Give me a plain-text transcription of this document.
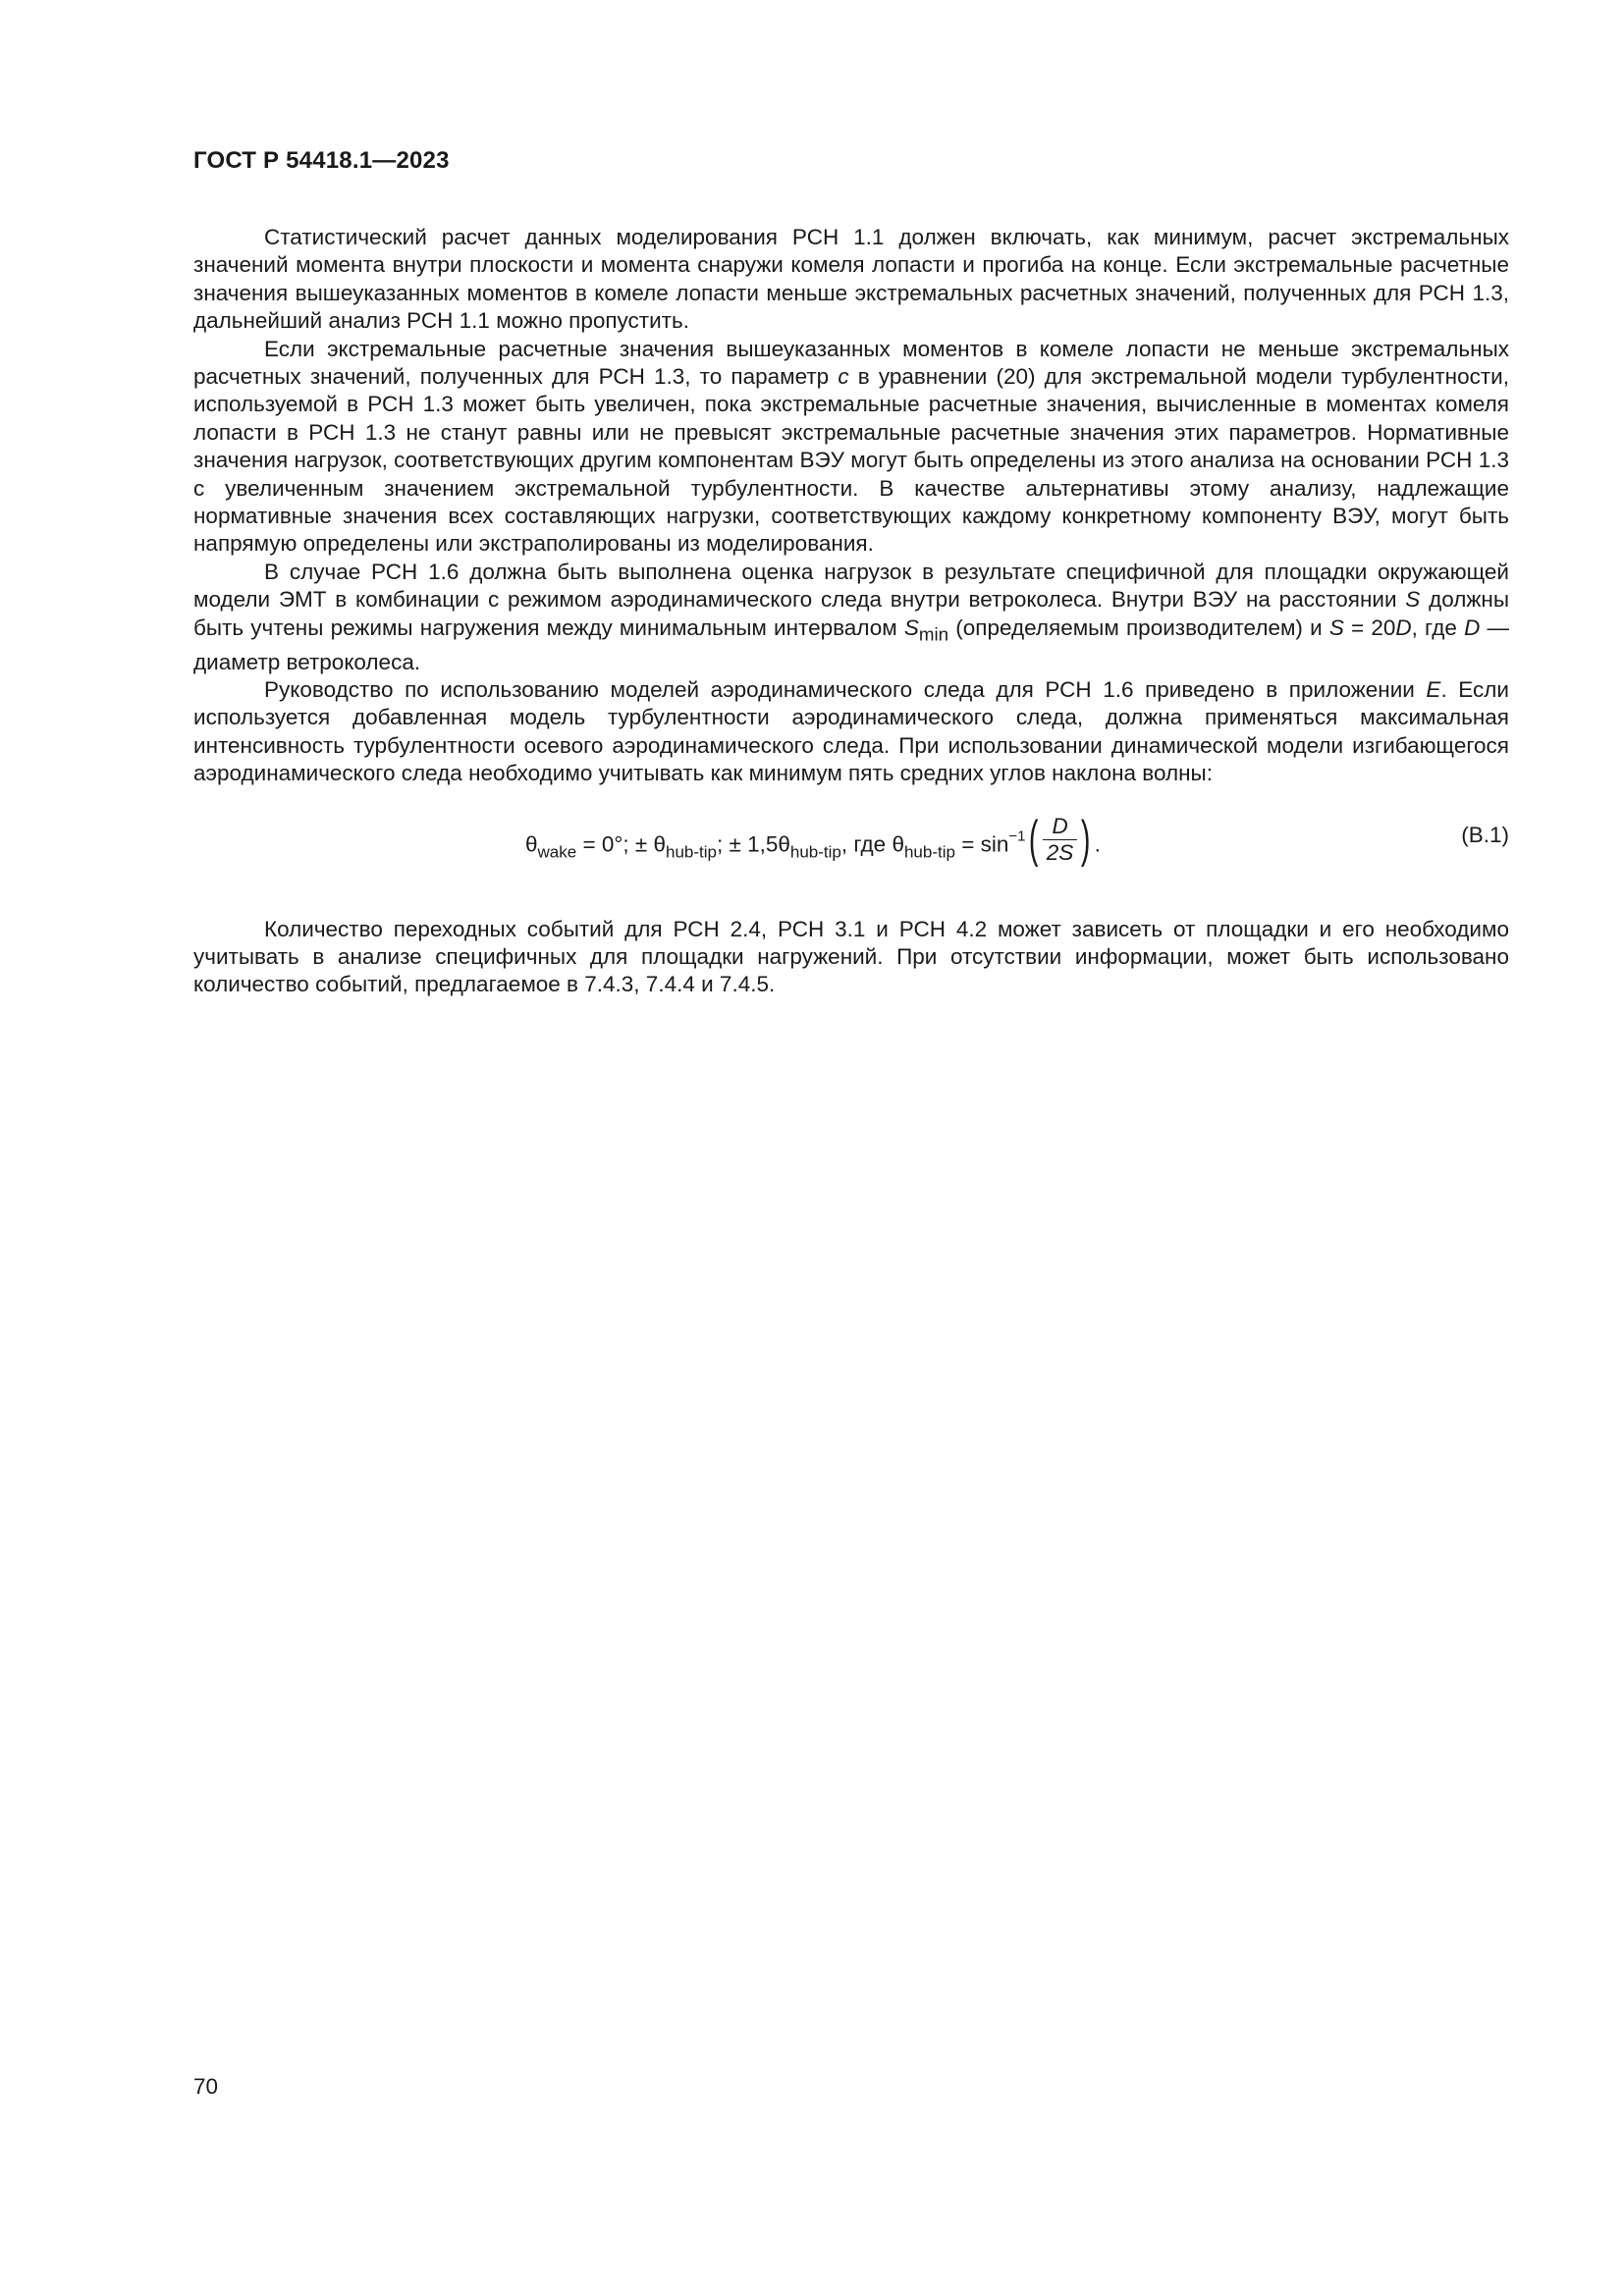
ГОСТ Р 54418.1—2023

Статистический расчет данных моделирования РСН 1.1 должен включать, как минимум, расчет экстремальных значений момента внутри плоскости и момента снаружи комеля лопасти и прогиба на конце. Если экстремальные расчетные значения вышеуказанных моментов в комеле лопасти меньше экстремальных расчетных значений, полученных для РСН 1.3, дальнейший анализ РСН 1.1 можно пропустить.

Если экстремальные расчетные значения вышеуказанных моментов в комеле лопасти не меньше экстремальных расчетных значений, полученных для РСН 1.3, то параметр c в уравнении (20) для экстремальной модели турбулентности, используемой в РСН 1.3 может быть увеличен, пока экстремальные расчетные значения, вычисленные в моментах комеля лопасти в РСН 1.3 не станут равны или не превысят экстремальные расчетные значения этих параметров. Нормативные значения нагрузок, соответствующих другим компонентам ВЭУ могут быть определены из этого анализа на основании РСН 1.3 с увеличенным значением экстремальной турбулентности. В качестве альтернативы этому анализу, надлежащие нормативные значения всех составляющих нагрузки, соответствующих каждому конкретному компоненту ВЭУ, могут быть напрямую определены или экстраполированы из моделирования.

В случае РСН 1.6 должна быть выполнена оценка нагрузок в результате специфичной для площадки окружающей модели ЭМТ в комбинации с режимом аэродинамического следа внутри ветроколеса. Внутри ВЭУ на расстоянии S должны быть учтены режимы нагружения между минимальным интервалом $S_{min}$ (определяемым производителем) и S = 20D, где D — диаметр ветроколеса.

Руководство по использованию моделей аэродинамического следа для РСН 1.6 приведено в приложении Е. Если используется добавленная модель турбулентности аэродинамического следа, должна применяться максимальная интенсивность турбулентности осевого аэродинамического следа. При использовании динамической модели изгибающегося аэродинамического следа необходимо учитывать как минимум пять средних углов наклона волны:

$\theta_{wake} = 0^\circ$; ± $\theta_{hub-tip}$; ± $1,5\theta_{hub-tip}$, где $\theta_{hub-tip} = \sin^{-1}( \frac{D}{2S}$ ) .	(B.1)

Количество переходных событий для РСН 2.4, РСН 3.1 и РСН 4.2 может зависеть от площадки и его необходимо учитывать в анализе специфичных для площадки нагружений. При отсутствии информации, может быть использовано количество событий, предлагаемое в 7.4.3, 7.4.4 и 7.4.5.

70
